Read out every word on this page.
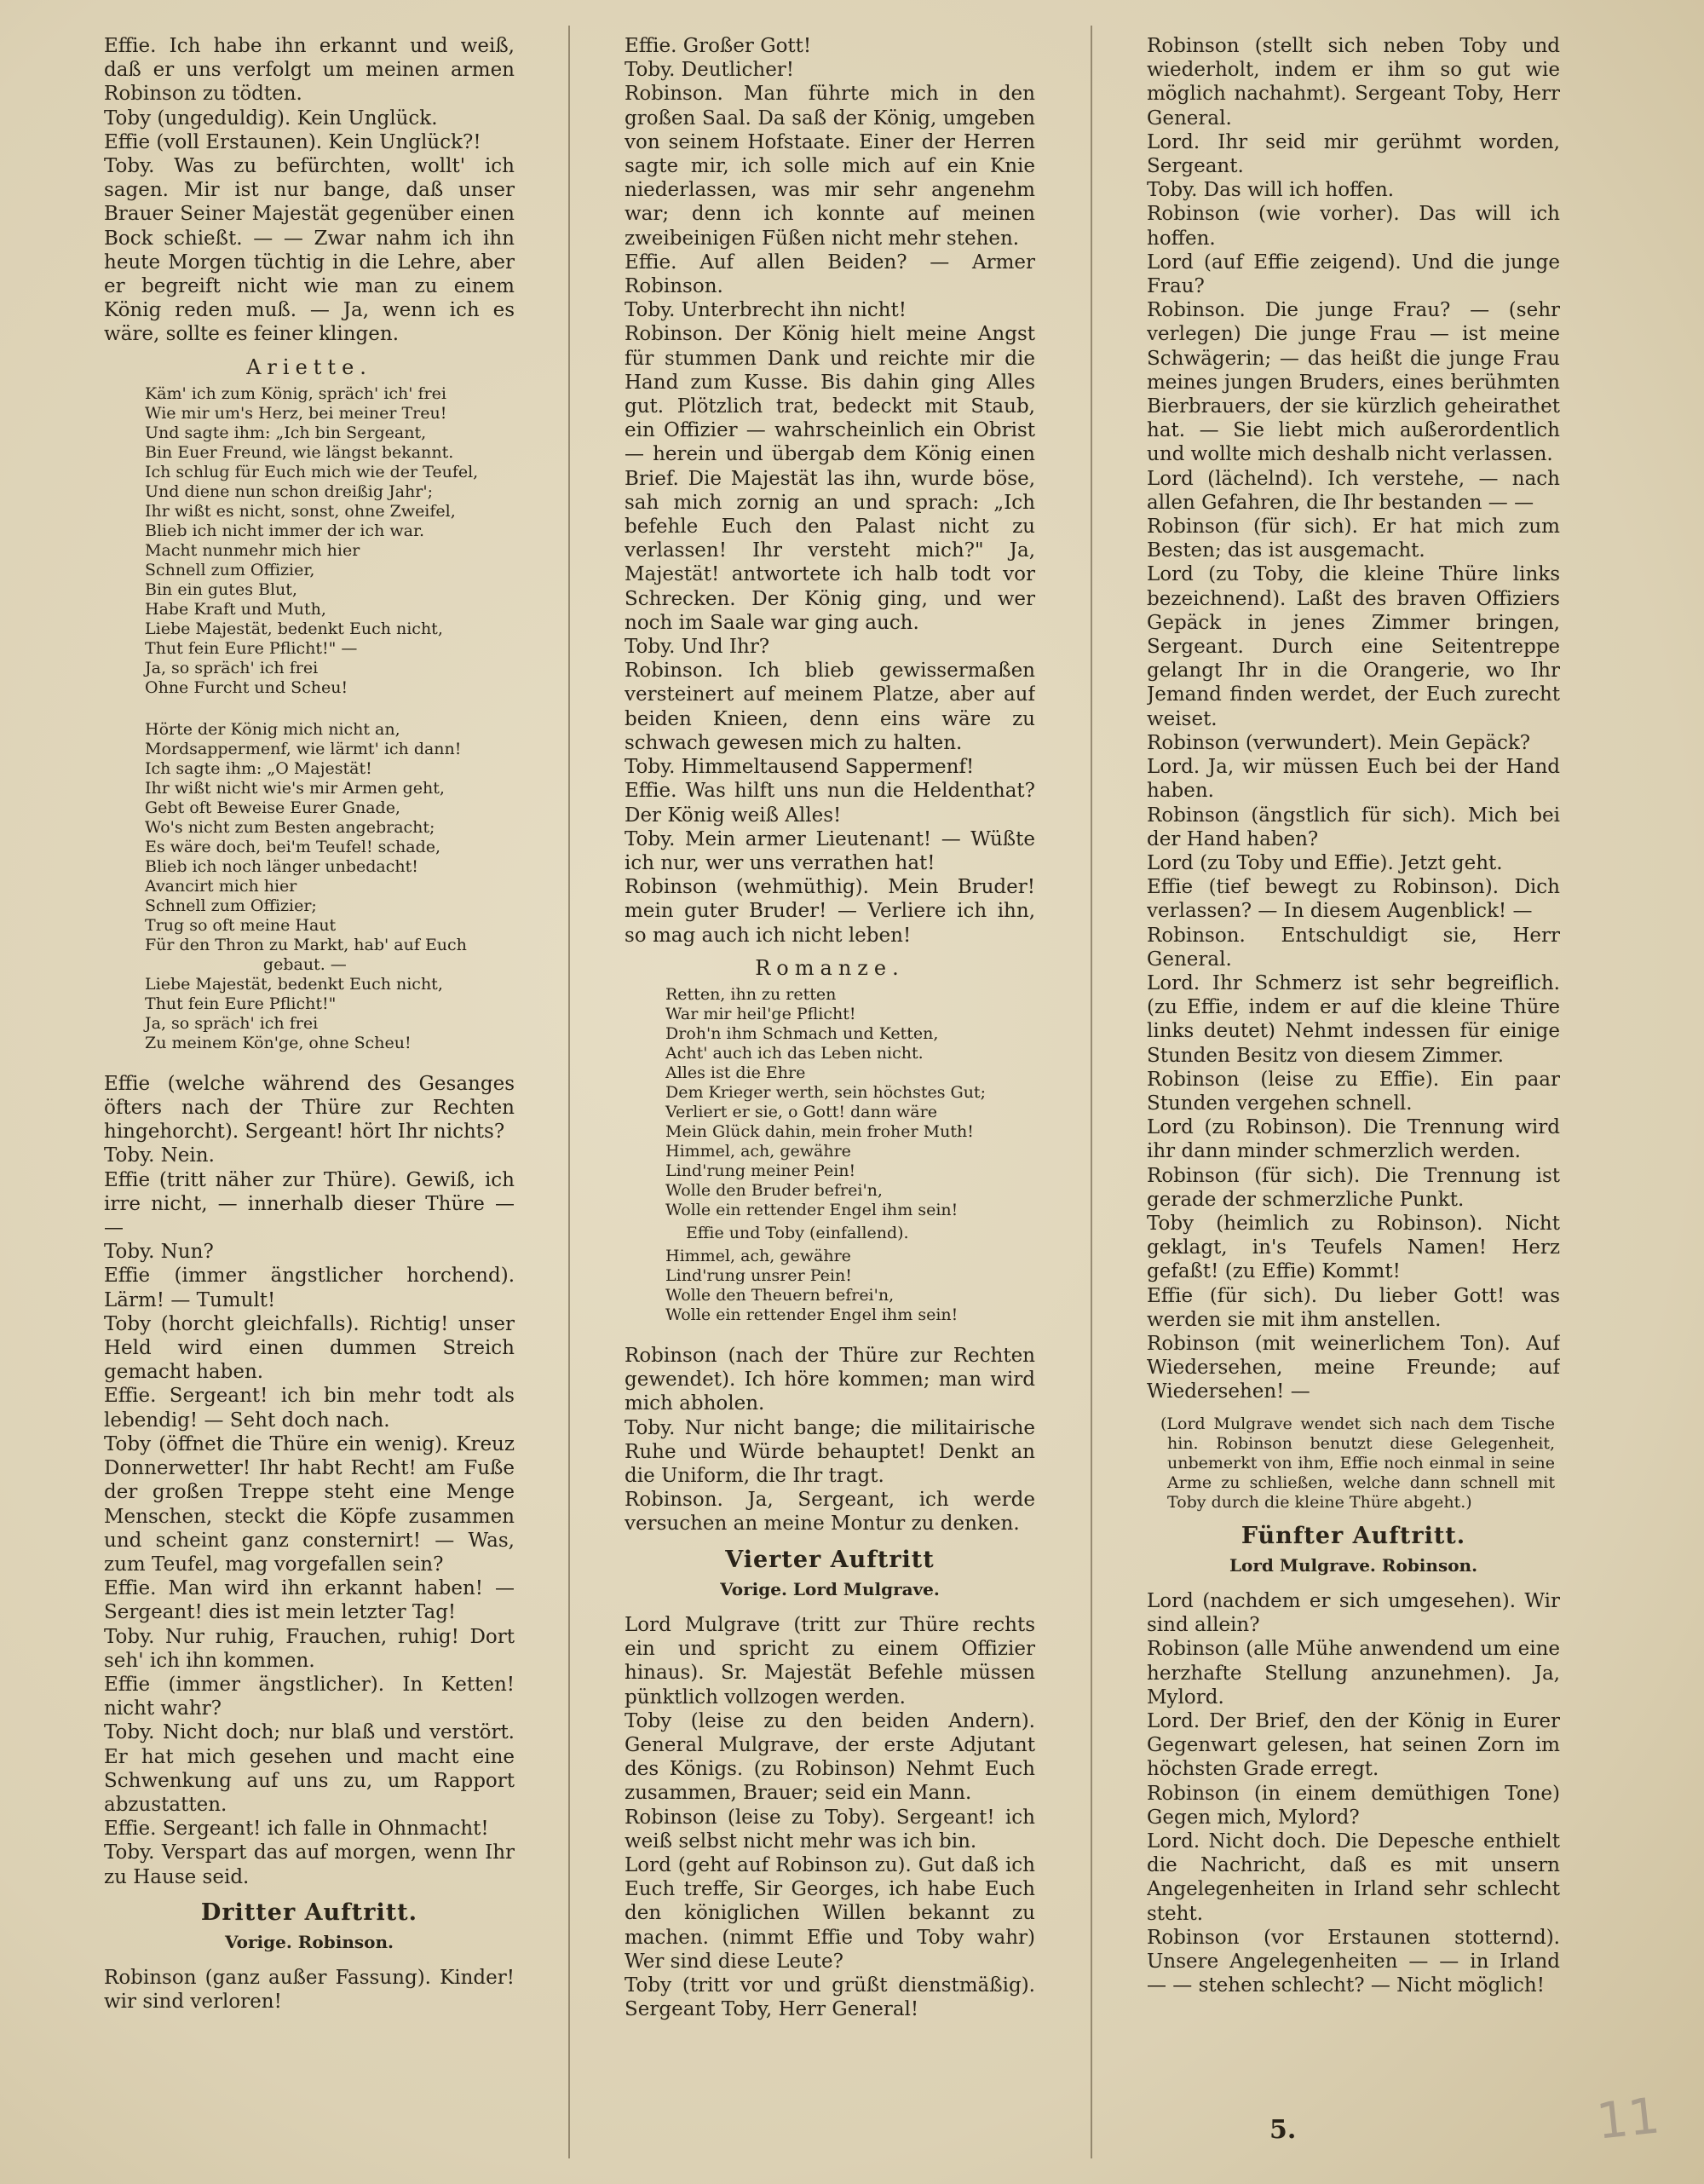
Effie. Ich habe ihn erkannt und weiß, daß er uns verfolgt um meinen armen Robinson zu tödten.

Toby (ungeduldig). Kein Unglück.

Effie (voll Erstaunen). Kein Unglück?!

Toby. Was zu befürchten, wollt' ich sagen. Mir ist nur bange, daß unser Brauer Seiner Majestät gegenüber einen Bock schießt. — — Zwar nahm ich ihn heute Morgen tüchtig in die Lehre, aber er begreift nicht wie man zu einem König reden muß. — Ja, wenn ich es wäre, sollte es feiner klingen.

Ariette.
Käm' ich zum König, spräch' ich' frei
Wie mir um's Herz, bei meiner Treu!
Und sagte ihm: „Ich bin Sergeant,
Bin Euer Freund, wie längst bekannt.
Ich schlug für Euch mich wie der Teufel,
Und diene nun schon dreißig Jahr';
Ihr wißt es nicht, sonst, ohne Zweifel,
Blieb ich nicht immer der ich war.
Macht nunmehr mich hier
Schnell zum Offizier,
Bin ein gutes Blut,
Habe Kraft und Muth,
Liebe Majestät, bedenkt Euch nicht,
Thut fein Eure Pflicht!" —
Ja, so spräch' ich frei
Ohne Furcht und Scheu!
Hörte der König mich nicht an,
Mordsappermenf, wie lärmt' ich dann!
Ich sagte ihm: „O Majestät!
Ihr wißt nicht wie's mir Armen geht,
Gebt oft Beweise Eurer Gnade,
Wo's nicht zum Besten angebracht;
Es wäre doch, bei'm Teufel! schade,
Blieb ich noch länger unbedacht!
Avancirt mich hier
Schnell zum Offizier;
Trug so oft meine Haut
Für den Thron zu Markt, hab' auf Euch
gebaut. —
Liebe Majestät, bedenkt Euch nicht,
Thut fein Eure Pflicht!"
Ja, so spräch' ich frei
Zu meinem Kön'ge, ohne Scheu!

Effie (welche während des Gesanges öfters nach der Thüre zur Rechten hingehorcht). Sergeant! hört Ihr nichts?

Toby. Nein.

Effie (tritt näher zur Thüre). Gewiß, ich irre nicht, — innerhalb dieser Thüre — —

Toby. Nun?

Effie (immer ängstlicher horchend). Lärm! — Tumult!

Toby (horcht gleichfalls). Richtig! unser Held wird einen dummen Streich gemacht haben.

Effie. Sergeant! ich bin mehr todt als lebendig! — Seht doch nach.

Toby (öffnet die Thüre ein wenig). Kreuz Donnerwetter! Ihr habt Recht! am Fuße der großen Treppe steht eine Menge Menschen, steckt die Köpfe zusammen und scheint ganz consternirt! — Was, zum Teufel, mag vorgefallen sein?

Effie. Man wird ihn erkannt haben! — Sergeant! dies ist mein letzter Tag!

Toby. Nur ruhig, Frauchen, ruhig! Dort seh' ich ihn kommen.

Effie (immer ängstlicher). In Ketten! nicht wahr?

Toby. Nicht doch; nur blaß und verstört. Er hat mich gesehen und macht eine Schwenkung auf uns zu, um Rapport abzustatten.

Effie. Sergeant! ich falle in Ohnmacht!

Toby. Verspart das auf morgen, wenn Ihr zu Hause seid.

Dritter Auftritt.
Vorige. Robinson.

Robinson (ganz außer Fassung). Kinder! wir sind verloren!

Effie. Großer Gott!

Toby. Deutlicher!

Robinson. Man führte mich in den großen Saal. Da saß der König, umgeben von seinem Hofstaate. Einer der Herren sagte mir, ich solle mich auf ein Knie niederlassen, was mir sehr angenehm war; denn ich konnte auf meinen zweibeinigen Füßen nicht mehr stehen.

Effie. Auf allen Beiden? — Armer Robinson.

Toby. Unterbrecht ihn nicht!

Robinson. Der König hielt meine Angst für stummen Dank und reichte mir die Hand zum Kusse. Bis dahin ging Alles gut. Plötzlich trat, bedeckt mit Staub, ein Offizier — wahrscheinlich ein Obrist — herein und übergab dem König einen Brief. Die Majestät las ihn, wurde böse, sah mich zornig an und sprach: „Ich befehle Euch den Palast nicht zu verlassen! Ihr versteht mich?" Ja, Majestät! antwortete ich halb todt vor Schrecken. Der König ging, und wer noch im Saale war ging auch.

Toby. Und Ihr?

Robinson. Ich blieb gewissermaßen versteinert auf meinem Platze, aber auf beiden Knieen, denn eins wäre zu schwach gewesen mich zu halten.

Toby. Himmeltausend Sappermenf!

Effie. Was hilft uns nun die Heldenthat? Der König weiß Alles!

Toby. Mein armer Lieutenant! — Wüßte ich nur, wer uns verrathen hat!

Robinson (wehmüthig). Mein Bruder! mein guter Bruder! — Verliere ich ihn, so mag auch ich nicht leben!

Romanze.
Retten, ihn zu retten
War mir heil'ge Pflicht!
Droh'n ihm Schmach und Ketten,
Acht' auch ich das Leben nicht.
Alles ist die Ehre
Dem Krieger werth, sein höchstes Gut;
Verliert er sie, o Gott! dann wäre
Mein Glück dahin, mein froher Muth!
Himmel, ach, gewähre
Lind'rung meiner Pein!
Wolle den Bruder befrei'n,
Wolle ein rettender Engel ihm sein!
Effie und Toby (einfallend).
Himmel, ach, gewähre
Lind'rung unsrer Pein!
Wolle den Theuern befrei'n,
Wolle ein rettender Engel ihm sein!

Robinson (nach der Thüre zur Rechten gewendet). Ich höre kommen; man wird mich abholen.

Toby. Nur nicht bange; die militairische Ruhe und Würde behauptet! Denkt an die Uniform, die Ihr tragt.

Robinson. Ja, Sergeant, ich werde versuchen an meine Montur zu denken.

Vierter Auftritt
Vorige. Lord Mulgrave.

Lord Mulgrave (tritt zur Thüre rechts ein und spricht zu einem Offizier hinaus). Sr. Majestät Befehle müssen pünktlich vollzogen werden.

Toby (leise zu den beiden Andern). General Mulgrave, der erste Adjutant des Königs. (zu Robinson) Nehmt Euch zusammen, Brauer; seid ein Mann.

Robinson (leise zu Toby). Sergeant! ich weiß selbst nicht mehr was ich bin.

Lord (geht auf Robinson zu). Gut daß ich Euch treffe, Sir Georges, ich habe Euch den königlichen Willen bekannt zu machen. (nimmt Effie und Toby wahr) Wer sind diese Leute?

Toby (tritt vor und grüßt dienstmäßig). Sergeant Toby, Herr General!

Robinson (stellt sich neben Toby und wiederholt, indem er ihm so gut wie möglich nachahmt). Sergeant Toby, Herr General.

Lord. Ihr seid mir gerühmt worden, Sergeant.

Toby. Das will ich hoffen.

Robinson (wie vorher). Das will ich hoffen.

Lord (auf Effie zeigend). Und die junge Frau?

Robinson. Die junge Frau? — (sehr verlegen) Die junge Frau — ist meine Schwägerin; — das heißt die junge Frau meines jungen Bruders, eines berühmten Bierbrauers, der sie kürzlich geheirathet hat. — Sie liebt mich außerordentlich und wollte mich deshalb nicht verlassen.

Lord (lächelnd). Ich verstehe, — nach allen Gefahren, die Ihr bestanden — —

Robinson (für sich). Er hat mich zum Besten; das ist ausgemacht.

Lord (zu Toby, die kleine Thüre links bezeichnend). Laßt des braven Offiziers Gepäck in jenes Zimmer bringen, Sergeant. Durch eine Seitentreppe gelangt Ihr in die Orangerie, wo Ihr Jemand finden werdet, der Euch zurecht weiset.

Robinson (verwundert). Mein Gepäck?

Lord. Ja, wir müssen Euch bei der Hand haben.

Robinson (ängstlich für sich). Mich bei der Hand haben?

Lord (zu Toby und Effie). Jetzt geht.

Effie (tief bewegt zu Robinson). Dich verlassen? — In diesem Augenblick! —

Robinson. Entschuldigt sie, Herr General.

Lord. Ihr Schmerz ist sehr begreiflich. (zu Effie, indem er auf die kleine Thüre links deutet) Nehmt indessen für einige Stunden Besitz von diesem Zimmer.

Robinson (leise zu Effie). Ein paar Stunden vergehen schnell.

Lord (zu Robinson). Die Trennung wird ihr dann minder schmerzlich werden.

Robinson (für sich). Die Trennung ist gerade der schmerzliche Punkt.

Toby (heimlich zu Robinson). Nicht geklagt, in's Teufels Namen! Herz gefaßt! (zu Effie) Kommt!

Effie (für sich). Du lieber Gott! was werden sie mit ihm anstellen.

Robinson (mit weinerlichem Ton). Auf Wiedersehen, meine Freunde; auf Wiedersehen! —

(Lord Mulgrave wendet sich nach dem Tische hin. Robinson benutzt diese Gelegenheit, unbemerkt von ihm, Effie noch einmal in seine Arme zu schließen, welche dann schnell mit Toby durch die kleine Thüre abgeht.)

Fünfter Auftritt.
Lord Mulgrave. Robinson.

Lord (nachdem er sich umgesehen). Wir sind allein?

Robinson (alle Mühe anwendend um eine herzhafte Stellung anzunehmen). Ja, Mylord.

Lord. Der Brief, den der König in Eurer Gegenwart gelesen, hat seinen Zorn im höchsten Grade erregt.

Robinson (in einem demüthigen Tone) Gegen mich, Mylord?

Lord. Nicht doch. Die Depesche enthielt die Nachricht, daß es mit unsern Angelegenheiten in Irland sehr schlecht steht.

Robinson (vor Erstaunen stotternd). Unsere Angelegenheiten — — in Irland — — stehen schlecht? — Nicht möglich!

5.	11
